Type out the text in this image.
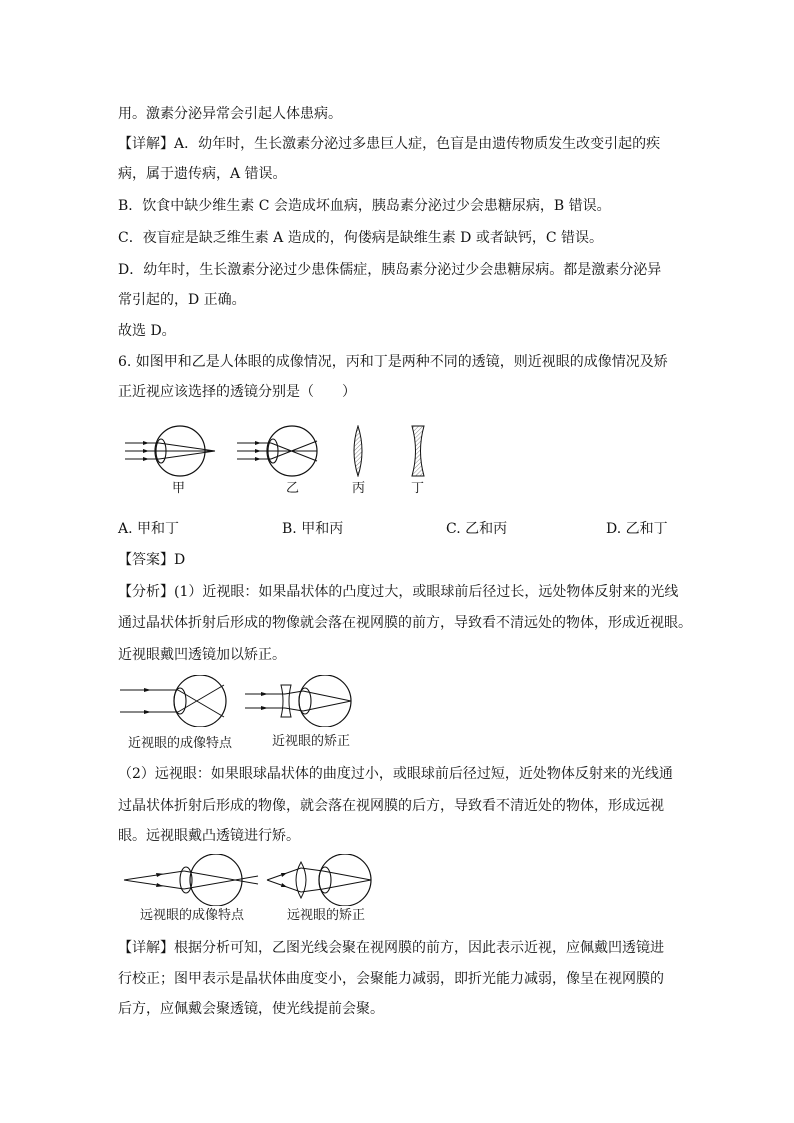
用。激素分泌异常会引起人体患病。
【详解】A．幼年时，生长激素分泌过多患巨人症，色盲是由遗传物质发生改变引起的疾
病，属于遗传病，A 错误。
B．饮食中缺少维生素 C 会造成坏血病，胰岛素分泌过少会患糖尿病，B 错误。
C．夜盲症是缺乏维生素 A 造成的，佝偻病是缺维生素 D 或者缺钙，C 错误。
D．幼年时，生长激素分泌过少患侏儒症，胰岛素分泌过少会患糖尿病。都是激素分泌异
常引起的，D 正确。
故选 D。
6. 如图甲和乙是人体眼的成像情况，丙和丁是两种不同的透镜，则近视眼的成像情况及矫
正近视应该选择的透镜分别是（　　）
甲	乙	丙	丁
A. 甲和丁	B. 甲和丙	C. 乙和丙	D. 乙和丁
【答案】D
【分析】(1）近视眼：如果晶状体的凸度过大，或眼球前后径过长，远处物体反射来的光线
通过晶状体折射后形成的物像就会落在视网膜的前方，导致看不清远处的物体，形成近视眼。
近视眼戴凹透镜加以矫正。
近视眼的成像特点	近视眼的矫正
（2）远视眼：如果眼球晶状体的曲度过小，或眼球前后径过短，近处物体反射来的光线通
过晶状体折射后形成的物像，就会落在视网膜的后方，导致看不清近处的物体，形成远视
眼。远视眼戴凸透镜进行矫。
远视眼的成像特点	远视眼的矫正
【详解】根据分析可知，乙图光线会聚在视网膜的前方，因此表示近视，应佩戴凹透镜进
行校正；图甲表示是晶状体曲度变小，会聚能力减弱，即折光能力减弱，像呈在视网膜的
后方，应佩戴会聚透镜，使光线提前会聚。
